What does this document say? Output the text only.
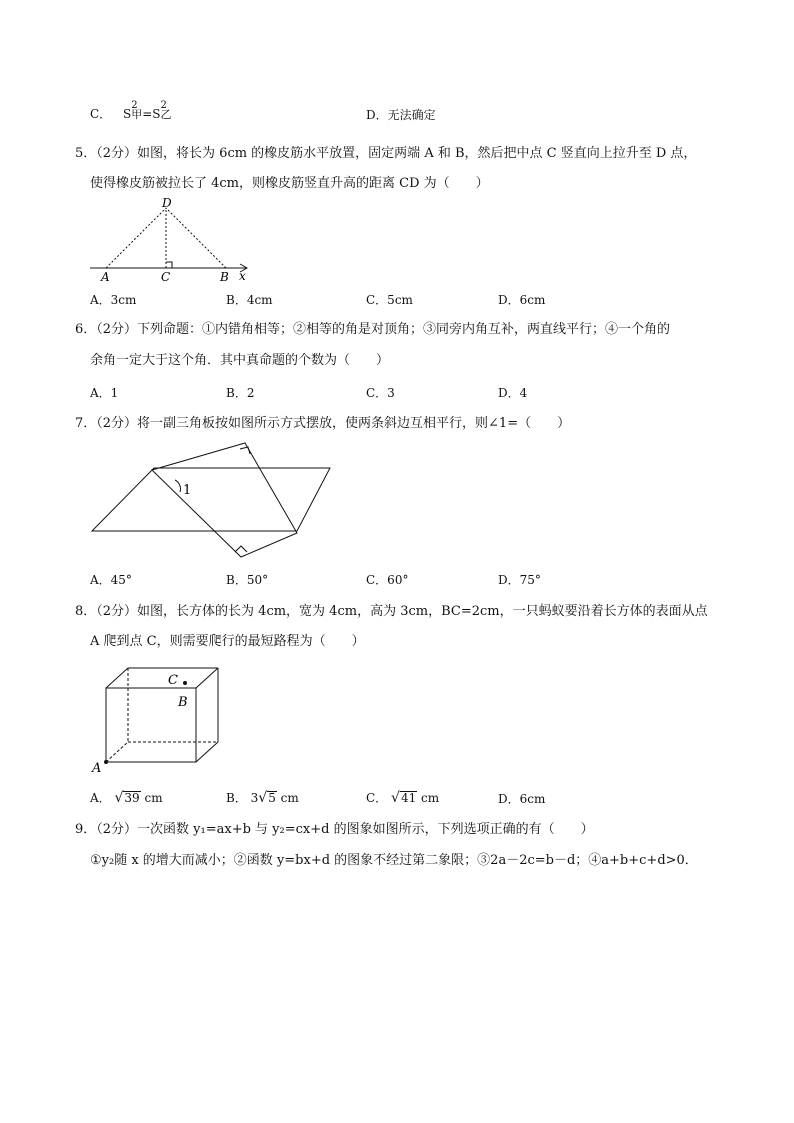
C． S
2
甲=S
2
乙	D．无法确定
5．（2分）如图，将长为 6cm 的橡皮筋水平放置，固定两端 A 和 B，然后把中点 C 竖直向上拉升至 D 点，
使得橡皮筋被拉长了 4cm，则橡皮筋竖直升高的距离 CD 为（　　）
D
A	C	B x
A．3cm	B．4cm	C．5cm	D．6cm
6．（2分）下列命题：①内错角相等；②相等的角是对顶角；③同旁内角互补，两直线平行；④一个角的
余角一定大于这个角．其中真命题的个数为（　　）
A．1	B．2	C．3	D．4
7．（2分）将一副三角板按如图所示方式摆放，使两条斜边互相平行，则∠1=（　　）
1
A．45°	B．50°	C．60°	D．75°
8．（2分）如图，长方体的长为 4cm，宽为 4cm，高为 3cm，BC=2cm，一只蚂蚁要沿着长方体的表面从点
A 爬到点 C，则需要爬行的最短路程为（　　）
C
B
A
A． √39 cm	B． 3√5 cm	C． √41 cm	D．6cm
9．（2分）一次函数 y₁=ax+b 与 y₂=cx+d 的图象如图所示，下列选项正确的有（　　）
①y₂随 x 的增大而减小；②函数 y=bx+d 的图象不经过第二象限；③2a－2c=b－d；④a+b+c+d>0．
